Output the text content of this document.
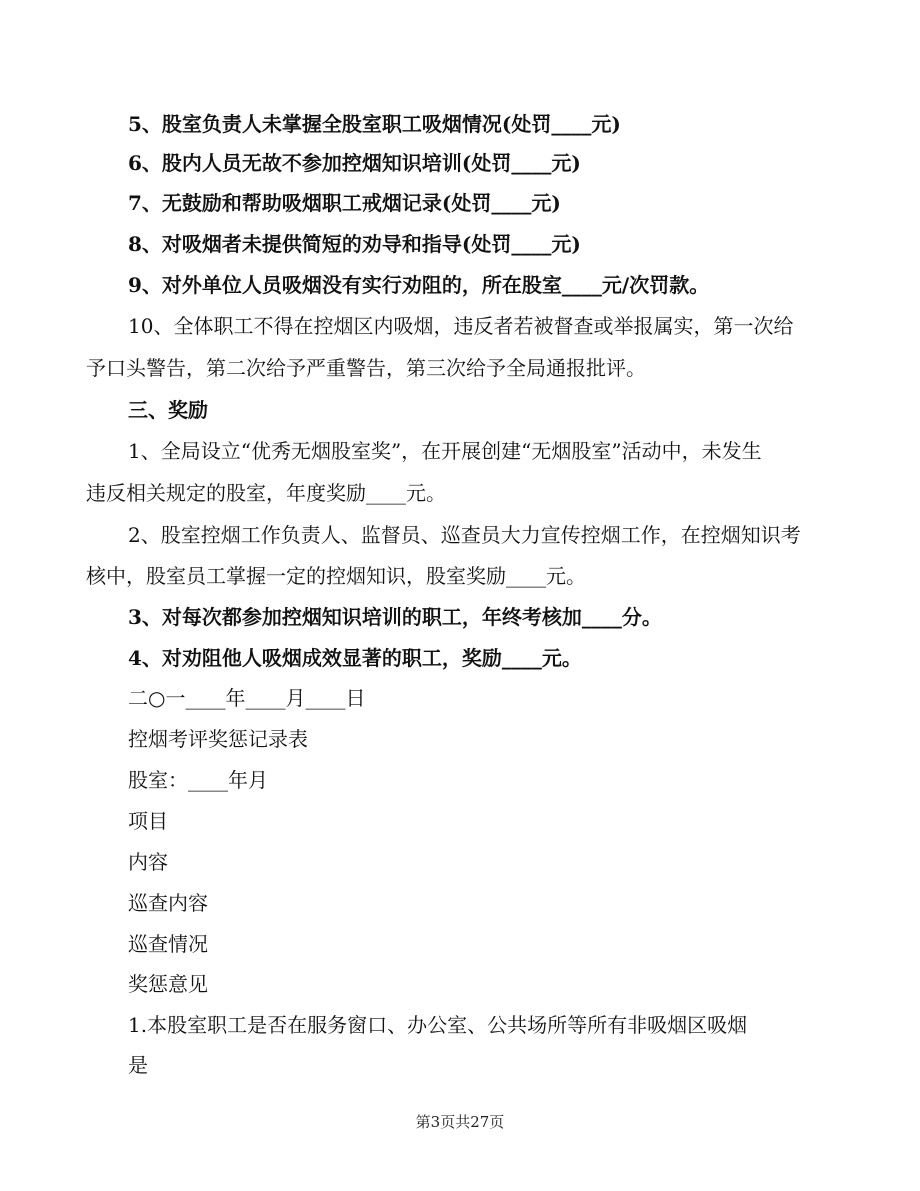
5、股室负责人未掌握全股室职工吸烟情况(处罚____元)
6、股内人员无故不参加控烟知识培训(处罚____元)
7、无鼓励和帮助吸烟职工戒烟记录(处罚____元)
8、对吸烟者未提供简短的劝导和指导(处罚____元)
9、对外单位人员吸烟没有实行劝阻的，所在股室____元/次罚款。
10、全体职工不得在控烟区内吸烟，违反者若被督查或举报属实，第一次给
予口头警告，第二次给予严重警告，第三次给予全局通报批评。
三、奖励
1、全局设立“优秀无烟股室奖”，在开展创建“无烟股室”活动中，未发生
违反相关规定的股室，年度奖励____元。
2、股室控烟工作负责人、监督员、巡查员大力宣传控烟工作，在控烟知识考
核中，股室员工掌握一定的控烟知识，股室奖励____元。
3、对每次都参加控烟知识培训的职工，年终考核加____分。
4、对劝阻他人吸烟成效显著的职工，奖励____元。
二○一____年____月____日
控烟考评奖惩记录表
股室：____年月
项目
内容
巡查内容
巡查情况
奖惩意见
1.本股室职工是否在服务窗口、办公室、公共场所等所有非吸烟区吸烟
是
第3页共27页
